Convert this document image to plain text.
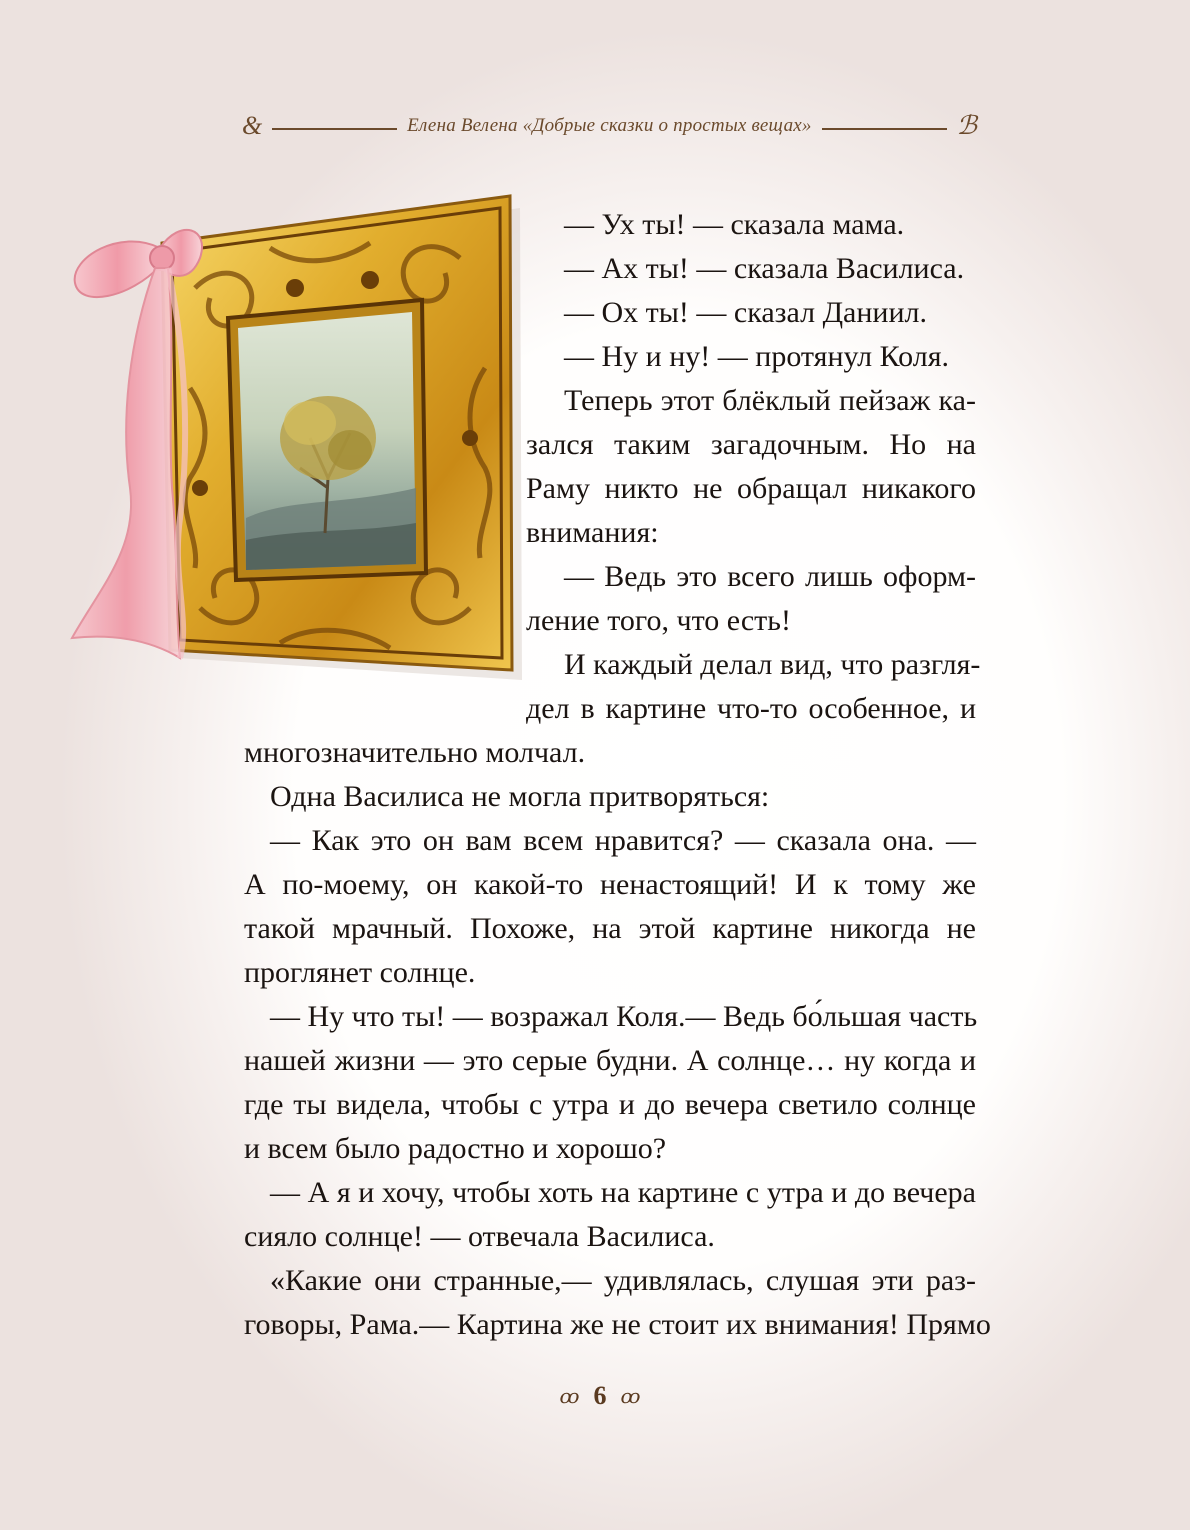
&	Елена Велена «Добрые сказки о простых вещах»	ℬ
— Ух ты! — сказала мама.
— Ах ты! — сказала Василиса.
— Ох ты! — сказал Даниил.
— Ну и ну! — протянул Коля.
Теперь этот блёклый пейзаж ка-
зался таким загадочным. Но на
Раму никто не обращал никакого
внимания:
— Ведь это всего лишь оформ-
ление того, что есть!
И каждый делал вид, что разгля-
дел в картине что-то особенное, и
многозначительно молчал.
Одна Василиса не могла притворяться:
— Как это он вам всем нравится? — сказала она. —
А по-моему, он какой-то ненастоящий! И к тому же
такой мрачный. Похоже, на этой картине никогда не
проглянет солнце.
— Ну что ты! — возражал Коля.— Ведь бо́льшая часть
нашей жизни — это серые будни. А солнце… ну когда и
где ты видела, чтобы с утра и до вечера светило солнце
и всем было радостно и хорошо?
— А я и хочу, чтобы хоть на картине с утра и до вечера
сияло солнце! — отвечала Василиса.
«Какие они странные,— удивлялась, слушая эти раз-
говоры, Рама.— Картина же не стоит их внимания! Прямо
ꝏ 6 ꝏ
